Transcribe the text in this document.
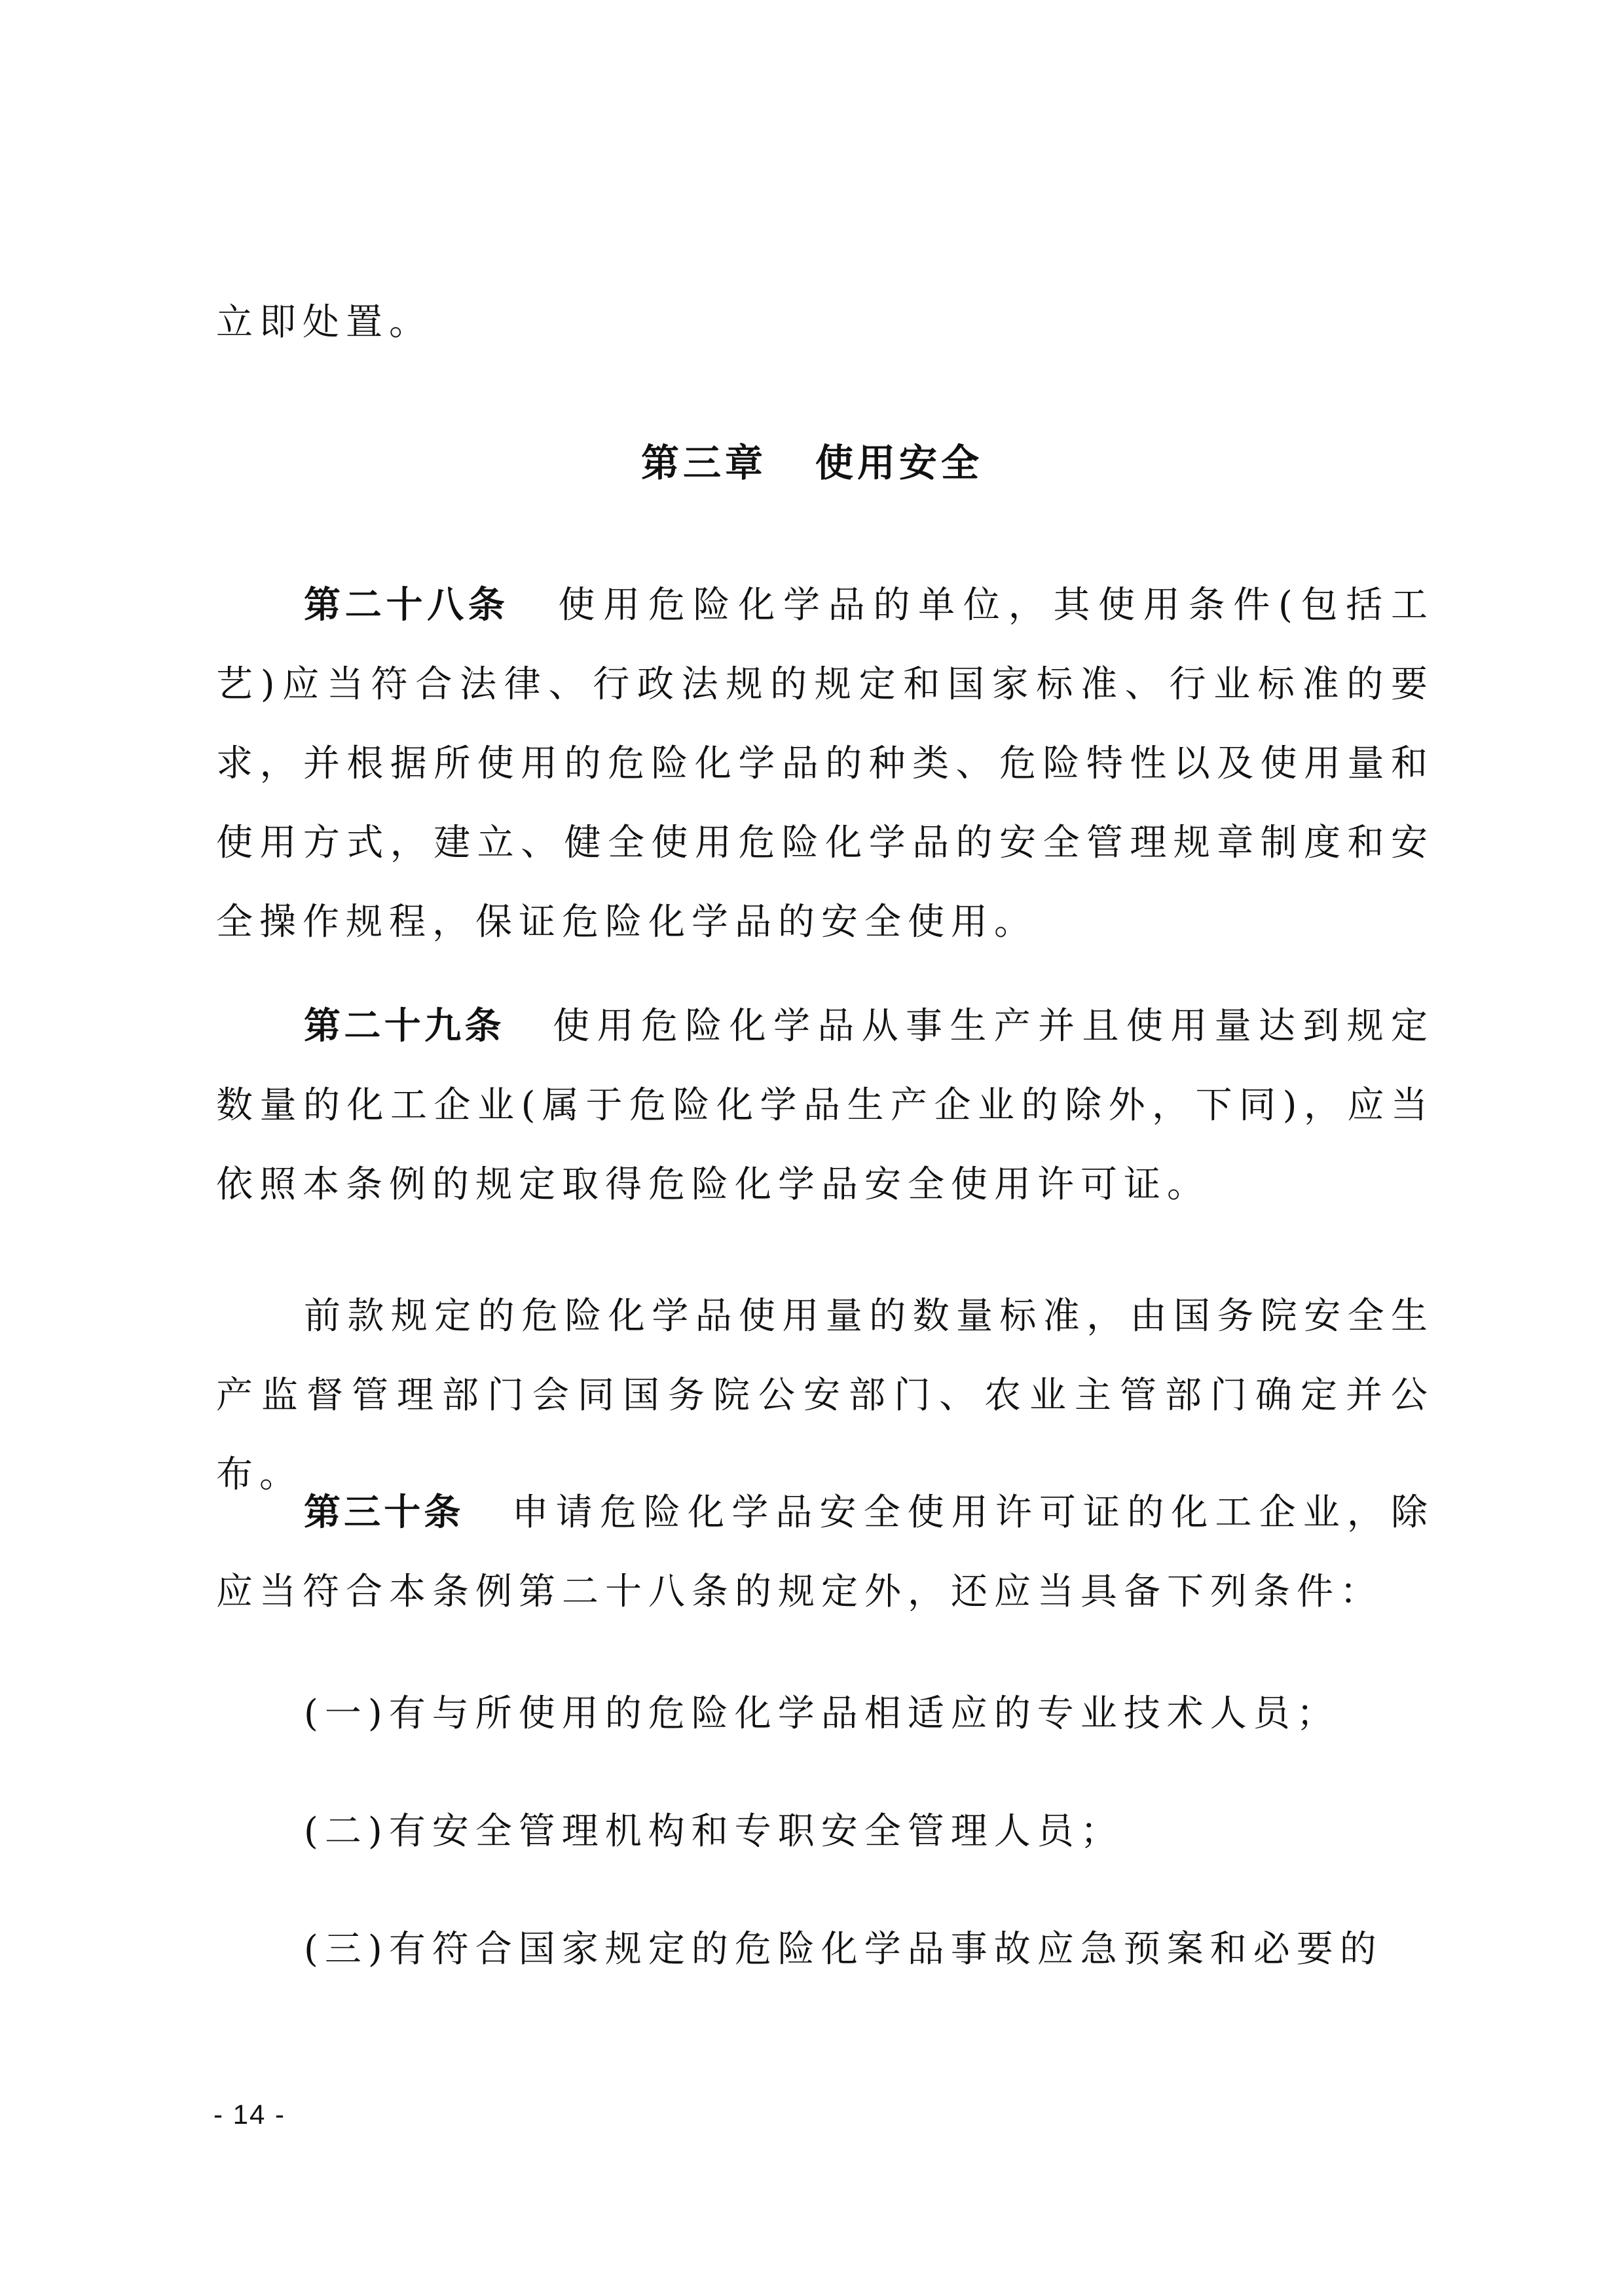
立即处置。
第三章 使用安全
第二十八条 使用危险化学品的单位，其使用条件(包括工艺)应当符合法律、行政法规的规定和国家标准、行业标准的要求，并根据所使用的危险化学品的种类、危险特性以及使用量和使用方式，建立、健全使用危险化学品的安全管理规章制度和安全操作规程，保证危险化学品的安全使用。
第二十九条 使用危险化学品从事生产并且使用量达到规定数量的化工企业(属于危险化学品生产企业的除外，下同)，应当依照本条例的规定取得危险化学品安全使用许可证。
前款规定的危险化学品使用量的数量标准，由国务院安全生产监督管理部门会同国务院公安部门、农业主管部门确定并公布。
第三十条 申请危险化学品安全使用许可证的化工企业，除应当符合本条例第二十八条的规定外，还应当具备下列条件：
(一)有与所使用的危险化学品相适应的专业技术人员；
(二)有安全管理机构和专职安全管理人员；
(三)有符合国家规定的危险化学品事故应急预案和必要的
- 14 -
